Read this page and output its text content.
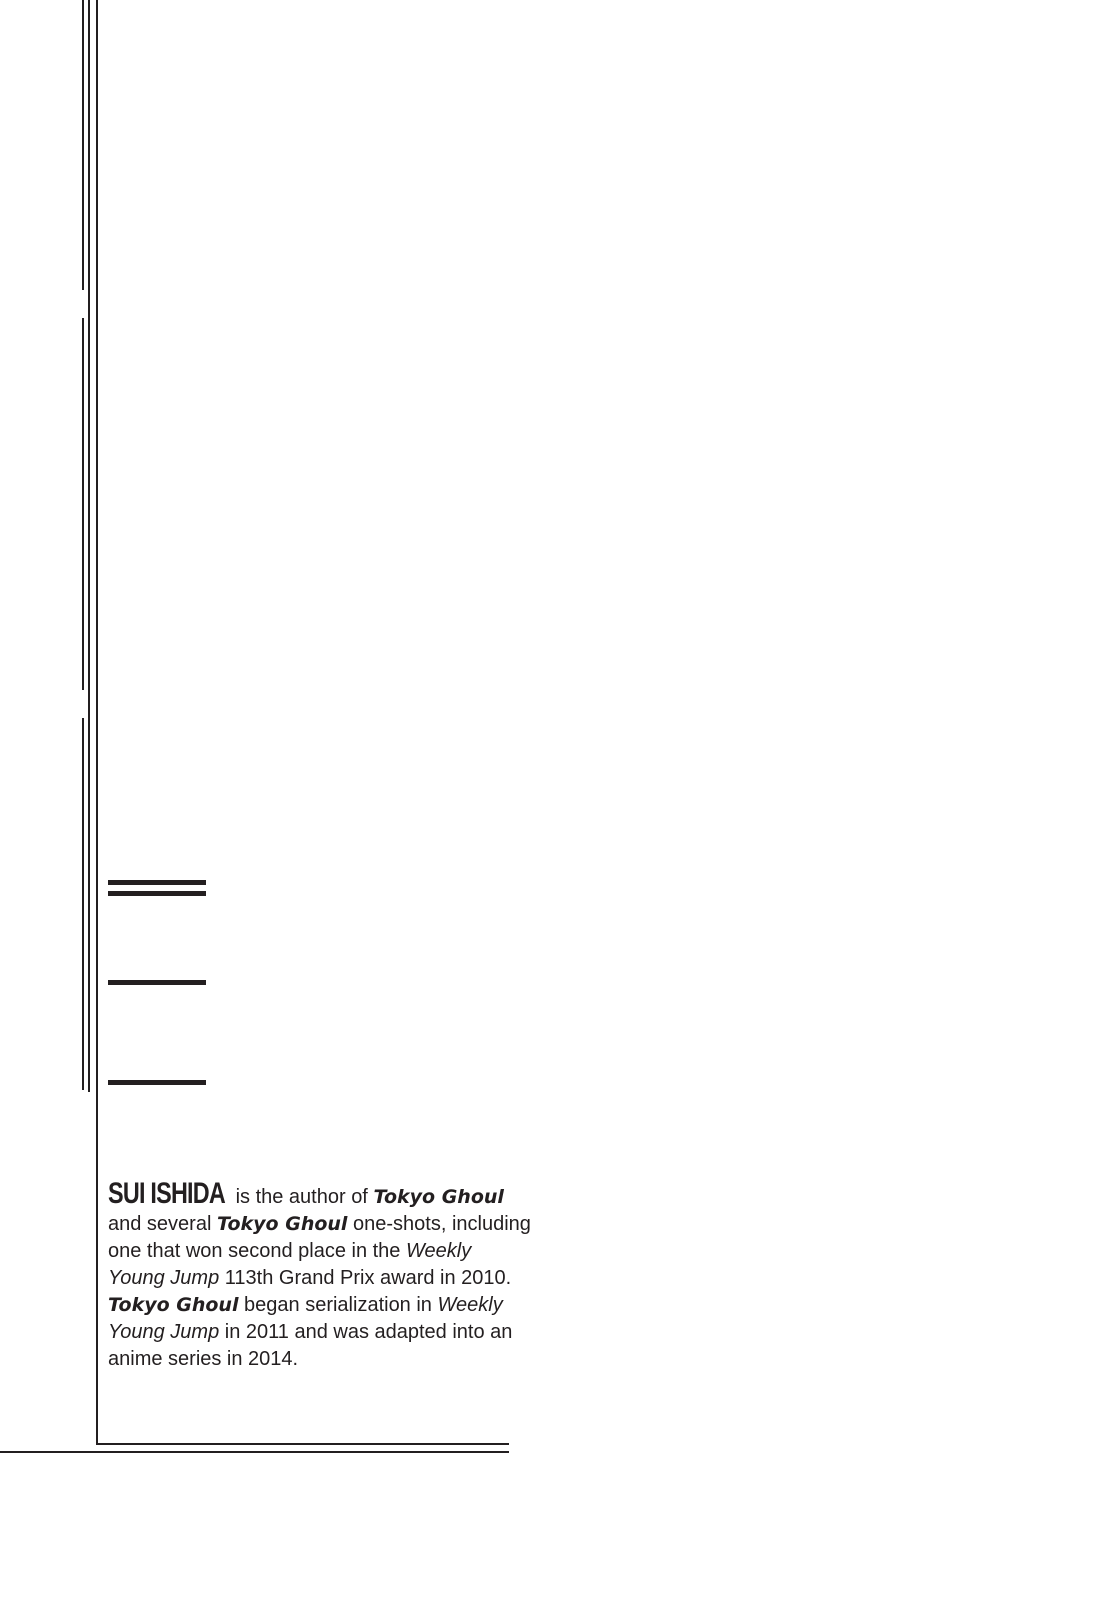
SUI ISHIDA is the author of Tokyo Ghoul
and several Tokyo Ghoul one-shots, including
one that won second place in the Weekly
Young Jump 113th Grand Prix award in 2010.
Tokyo Ghoul began serialization in Weekly
Young Jump in 2011 and was adapted into an
anime series in 2014.
